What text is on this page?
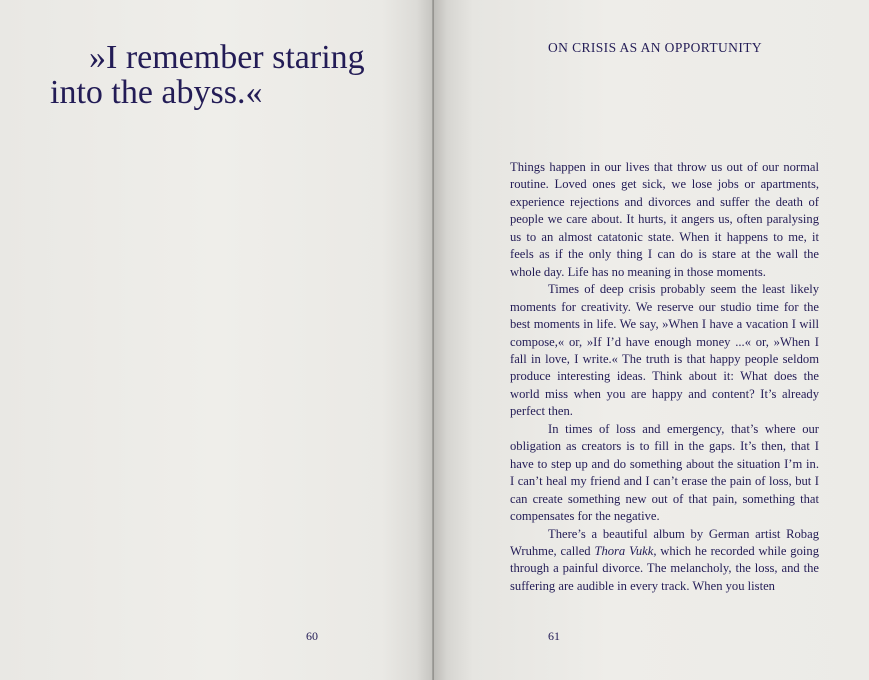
»I remember staring into the abyss.«
60
ON CRISIS AS AN OPPORTUNITY

Things happen in our lives that throw us out of our normal routine. Loved ones get sick, we lose jobs or apartments, experience rejections and divorces and suffer the death of people we care about. It hurts, it angers us, often paralysing us to an almost catatonic state. When it happens to me, it feels as if the only thing I can do is stare at the wall the whole day. Life has no meaning in those moments.

Times of deep crisis probably seem the least likely moments for creativity. We reserve our studio time for the best moments in life. We say, »When I have a vacation I will compose,« or, »If I’d have enough money ...« or, »When I fall in love, I write.« The truth is that happy people seldom produce interesting ideas. Think about it: What does the world miss when you are happy and content? It’s already perfect then.

In times of loss and emergency, that’s where our obligation as creators is to fill in the gaps. It’s then, that I have to step up and do something about the situation I’m in. I can’t heal my friend and I can’t erase the pain of loss, but I can create something new out of that pain, something that compensates for the negative.

There’s a beautiful album by German artist Robag Wruhme, called Thora Vukk, which he recorded while going through a painful divorce. The melancholy, the loss, and the suffering are audible in every track. When you listen

61
